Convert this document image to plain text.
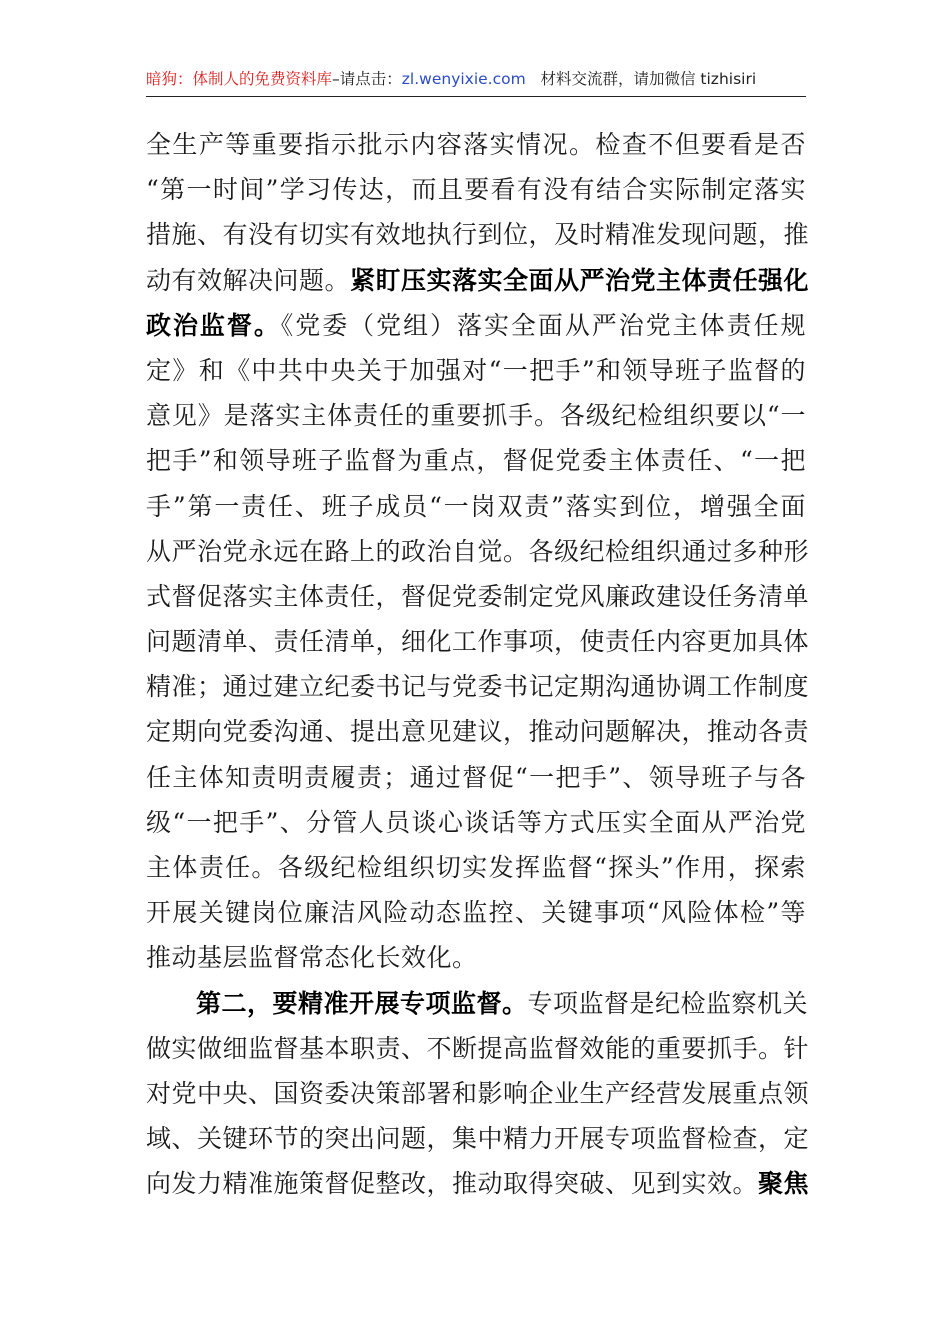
暗狗：体制人的免费资料库–请点击：zl.wenyixie.com 材料交流群，请加微信 tizhisiri
全生产等重要指示批示内容落实情况。检查不但要看是否
“第一时间”学习传达，而且要看有没有结合实际制定落实
措施、有没有切实有效地执行到位，及时精准发现问题，推
动有效解决问题。紧盯压实落实全面从严治党主体责任强化
政治监督。《党委（党组）落实全面从严治党主体责任规
定》和《中共中央关于加强对“一把手”和领导班子监督的
意见》是落实主体责任的重要抓手。各级纪检组织要以“一
把手”和领导班子监督为重点，督促党委主体责任、“一把
手”第一责任、班子成员“一岗双责”落实到位，增强全面
从严治党永远在路上的政治自觉。各级纪检组织通过多种形
式督促落实主体责任，督促党委制定党风廉政建设任务清单
问题清单、责任清单，细化工作事项，使责任内容更加具体
精准；通过建立纪委书记与党委书记定期沟通协调工作制度
定期向党委沟通、提出意见建议，推动问题解决，推动各责
任主体知责明责履责；通过督促“一把手”、领导班子与各
级“一把手”、分管人员谈心谈话等方式压实全面从严治党
主体责任。各级纪检组织切实发挥监督“探头”作用，探索
开展关键岗位廉洁风险动态监控、关键事项“风险体检”等
推动基层监督常态化长效化。
第二，要精准开展专项监督。专项监督是纪检监察机关
做实做细监督基本职责、不断提高监督效能的重要抓手。针
对党中央、国资委决策部署和影响企业生产经营发展重点领
域、关键环节的突出问题，集中精力开展专项监督检查，定
向发力精准施策督促整改，推动取得突破、见到实效。聚焦
